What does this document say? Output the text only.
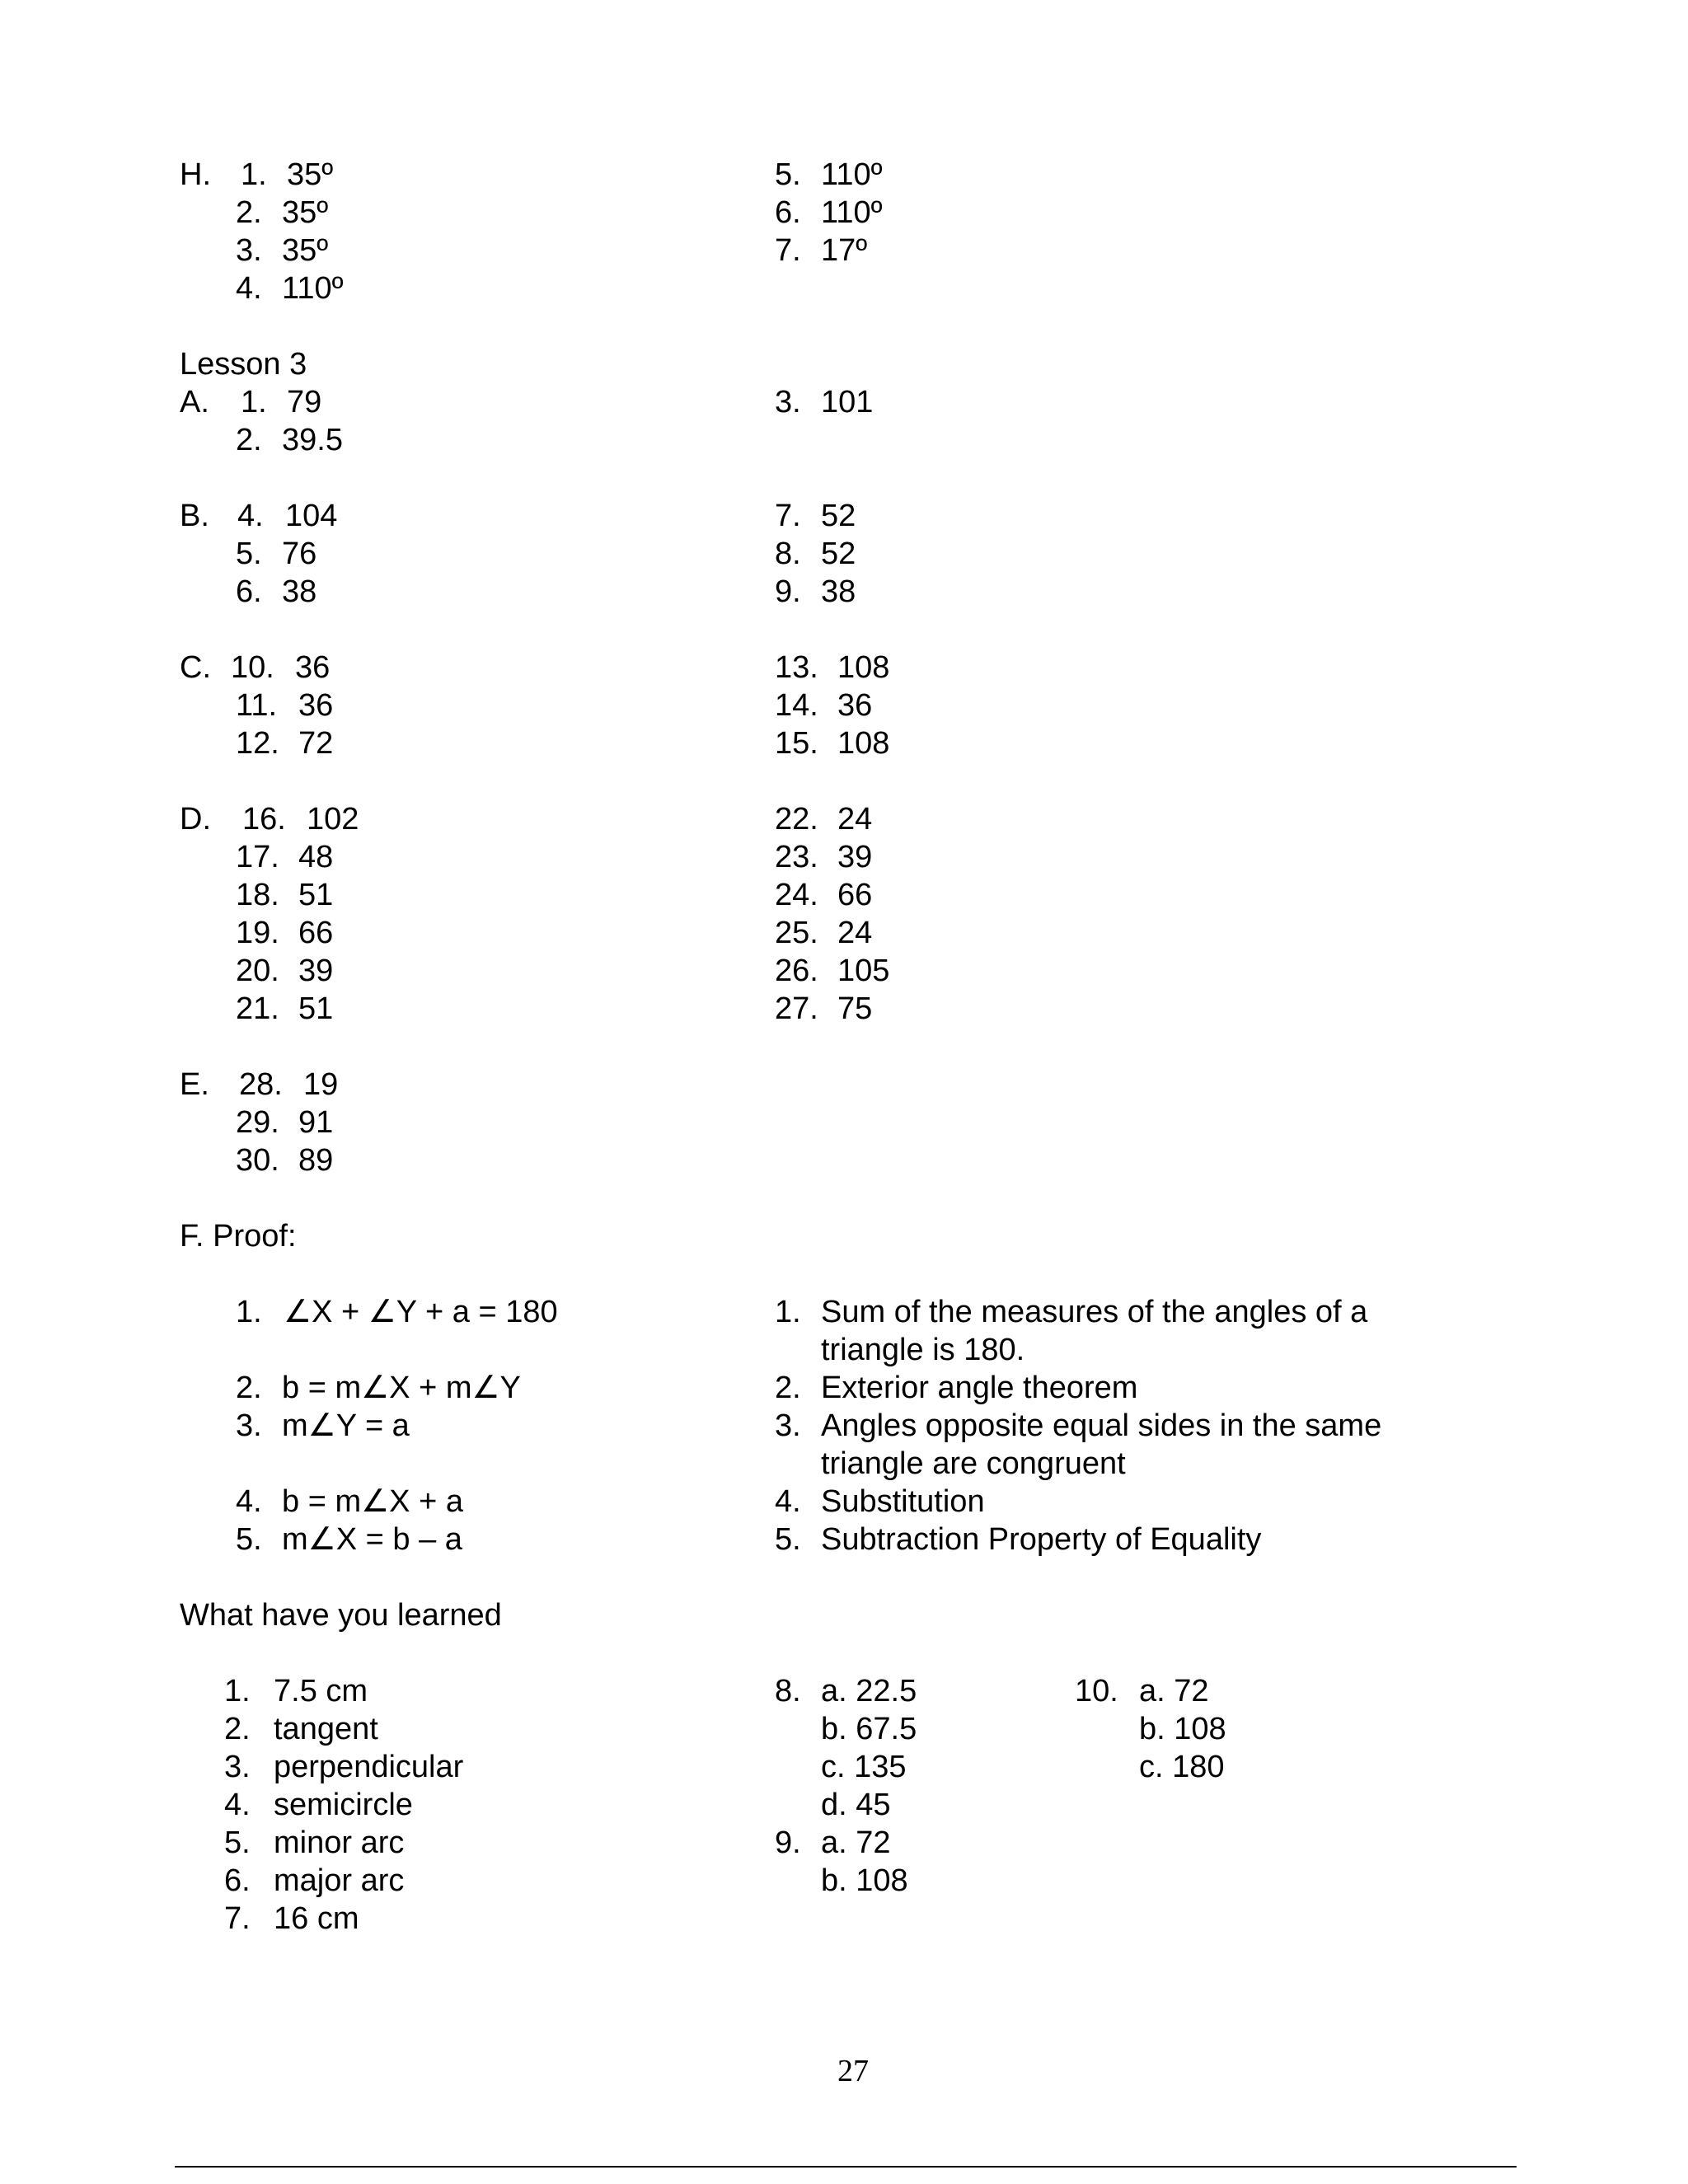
H. 1. 35º
2. 35º
3. 35º
4. 110º
5. 110º
6. 110º
7. 17º
Lesson 3
A. 1. 79
2. 39.5
3. 101
B. 4. 104
5. 76
6. 38
7. 52
8. 52
9. 38
C. 10. 36
11. 36
12. 72
13. 108
14. 36
15. 108
D. 16. 102
17. 48
18. 51
19. 66
20. 39
21. 51
22. 24
23. 39
24. 66
25. 24
26. 105
27. 75
E. 28. 19
29. 91
30. 89
F. Proof:
1. ∠X + ∠Y + a = 180
2. b = m∠X + m∠Y
3. m∠Y = a
4. b = m∠X + a
5. m∠X = b – a
1. Sum of the measures of the angles of a
triangle is 180.
2. Exterior angle theorem
3. Angles opposite equal sides in the same
triangle are congruent
4. Substitution
5. Subtraction Property of Equality
What have you learned
1. 7.5 cm
2. tangent
3. perpendicular
4. semicircle
5. minor arc
6. major arc
7. 16 cm
8. a. 22.5
b. 67.5
c. 135
d. 45
9. a. 72
b. 108
10. a. 72
b. 108
c. 180
27
